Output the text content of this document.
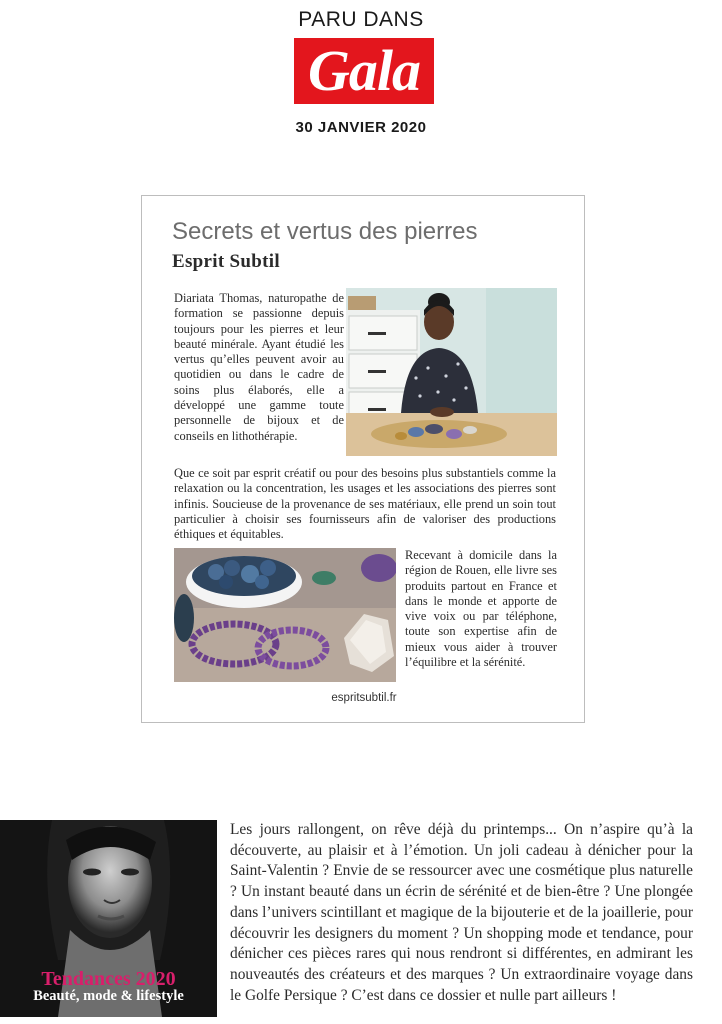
PARU DANS
Gala
30 JANVIER 2020
Secrets et vertus des pierres
Esprit Subtil

Diariata Thomas, naturopathe de formation se passionne depuis toujours pour les pierres et leur beauté minérale. Ayant étudié les vertus qu’elles peuvent avoir au quotidien ou dans le cadre de soins plus élaborés, elle a développé une gamme toute personnelle de bijoux et de conseils en lithothérapie.

Que ce soit par esprit créatif ou pour des besoins plus substantiels comme la relaxation ou la concentration, les usages et les associations des pierres sont infinis. Soucieuse de la provenance de ses matériaux, elle prend un soin tout particulier à choisir ses fournisseurs afin de valoriser des productions éthiques et équitables.

Recevant à domicile dans la région de Rouen, elle livre ses produits partout en France et dans le monde et apporte de vive voix ou par téléphone, toute son expertise afin de mieux vous aider à trouver l’équilibre et la sérénité.

espritsubtil.fr
Tendances 2020
Beauté, mode & lifestyle

Les jours rallongent, on rêve déjà du printemps... On n’aspire qu’à la découverte, au plaisir et à l’émotion. Un joli cadeau à dénicher pour la Saint-Valentin ? Envie de se ressourcer avec une cosmétique plus naturelle ? Un instant beauté dans un écrin de sérénité et de bien-être ? Une plongée dans l’univers scintillant et magique de la bijouterie et de la joaillerie, pour découvrir les designers du moment ? Un shopping mode et tendance, pour dénicher ces pièces rares qui nous rendront si différentes, en admirant les nouveautés des créateurs et des marques ? Un extraordinaire voyage dans le Golfe Persique ? C’est dans ce dossier et nulle part ailleurs !
